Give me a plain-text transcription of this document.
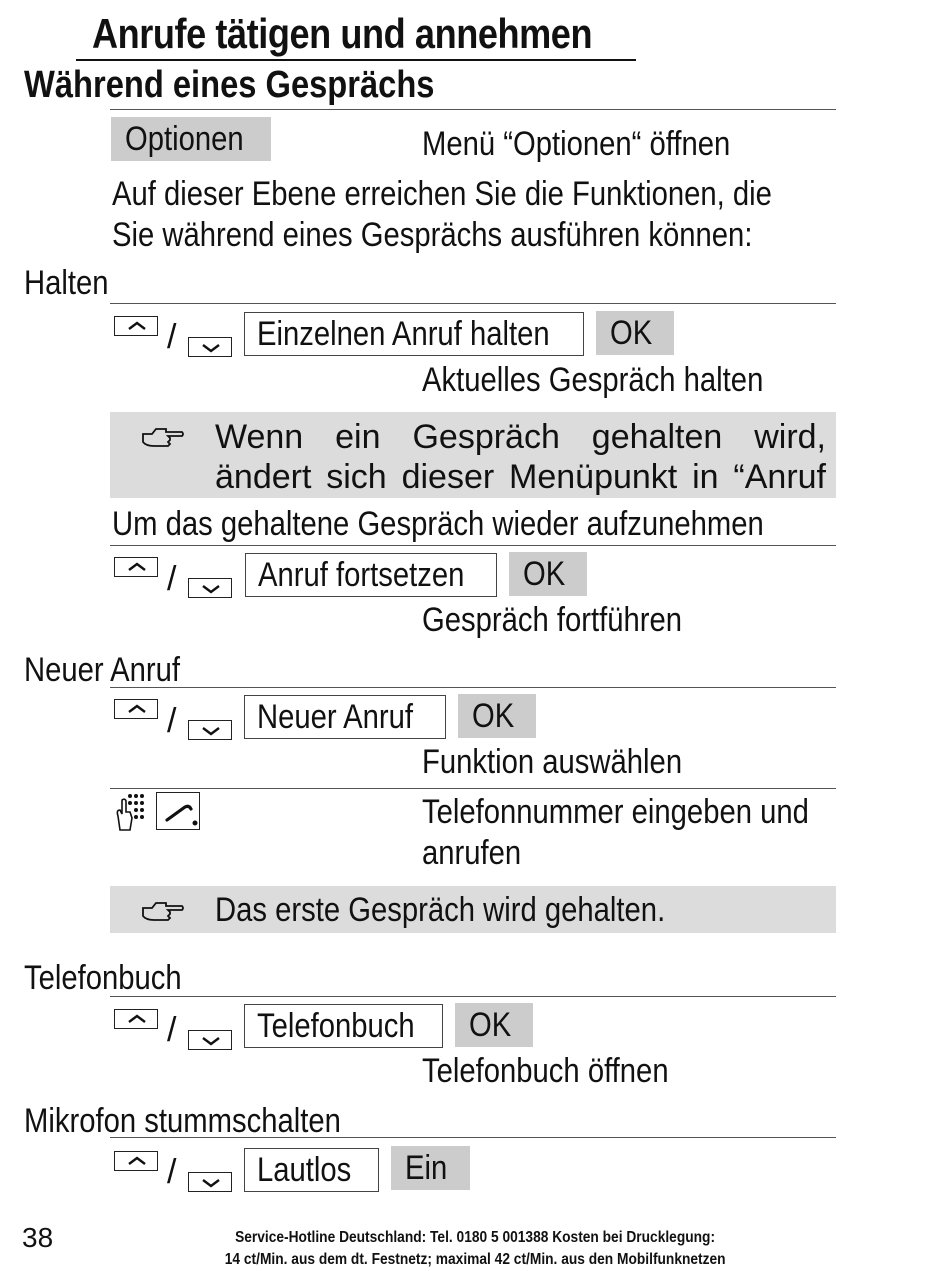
Anrufe tätigen und annehmen
Während eines Gesprächs
Optionen	Menü “Optionen“ öffnen
Auf dieser Ebene erreichen Sie die Funktionen, die
Sie während eines Gesprächs ausführen können:
Halten
/	Einzelnen Anruf halten	OK
Aktuelles Gespräch halten
Wenn ein Gespräch gehalten wird, ändert sich dieser Menüpunkt in “Anruf
Um das gehaltene Gespräch wieder aufzunehmen
/	Anruf fortsetzen	OK
Gespräch fortführen
Neuer Anruf
/	Neuer Anruf	OK
Funktion auswählen
Telefonnummer eingeben und
anrufen
Das erste Gespräch wird gehalten.
Telefonbuch
/	Telefonbuch	OK
Telefonbuch öffnen
Mikrofon stummschalten
/	Lautlos	Ein
38	Service-Hotline Deutschland: Tel. 0180 5 001388 Kosten bei Drucklegung:
14 ct/Min. aus dem dt. Festnetz; maximal 42 ct/Min. aus den Mobilfunknetzen
